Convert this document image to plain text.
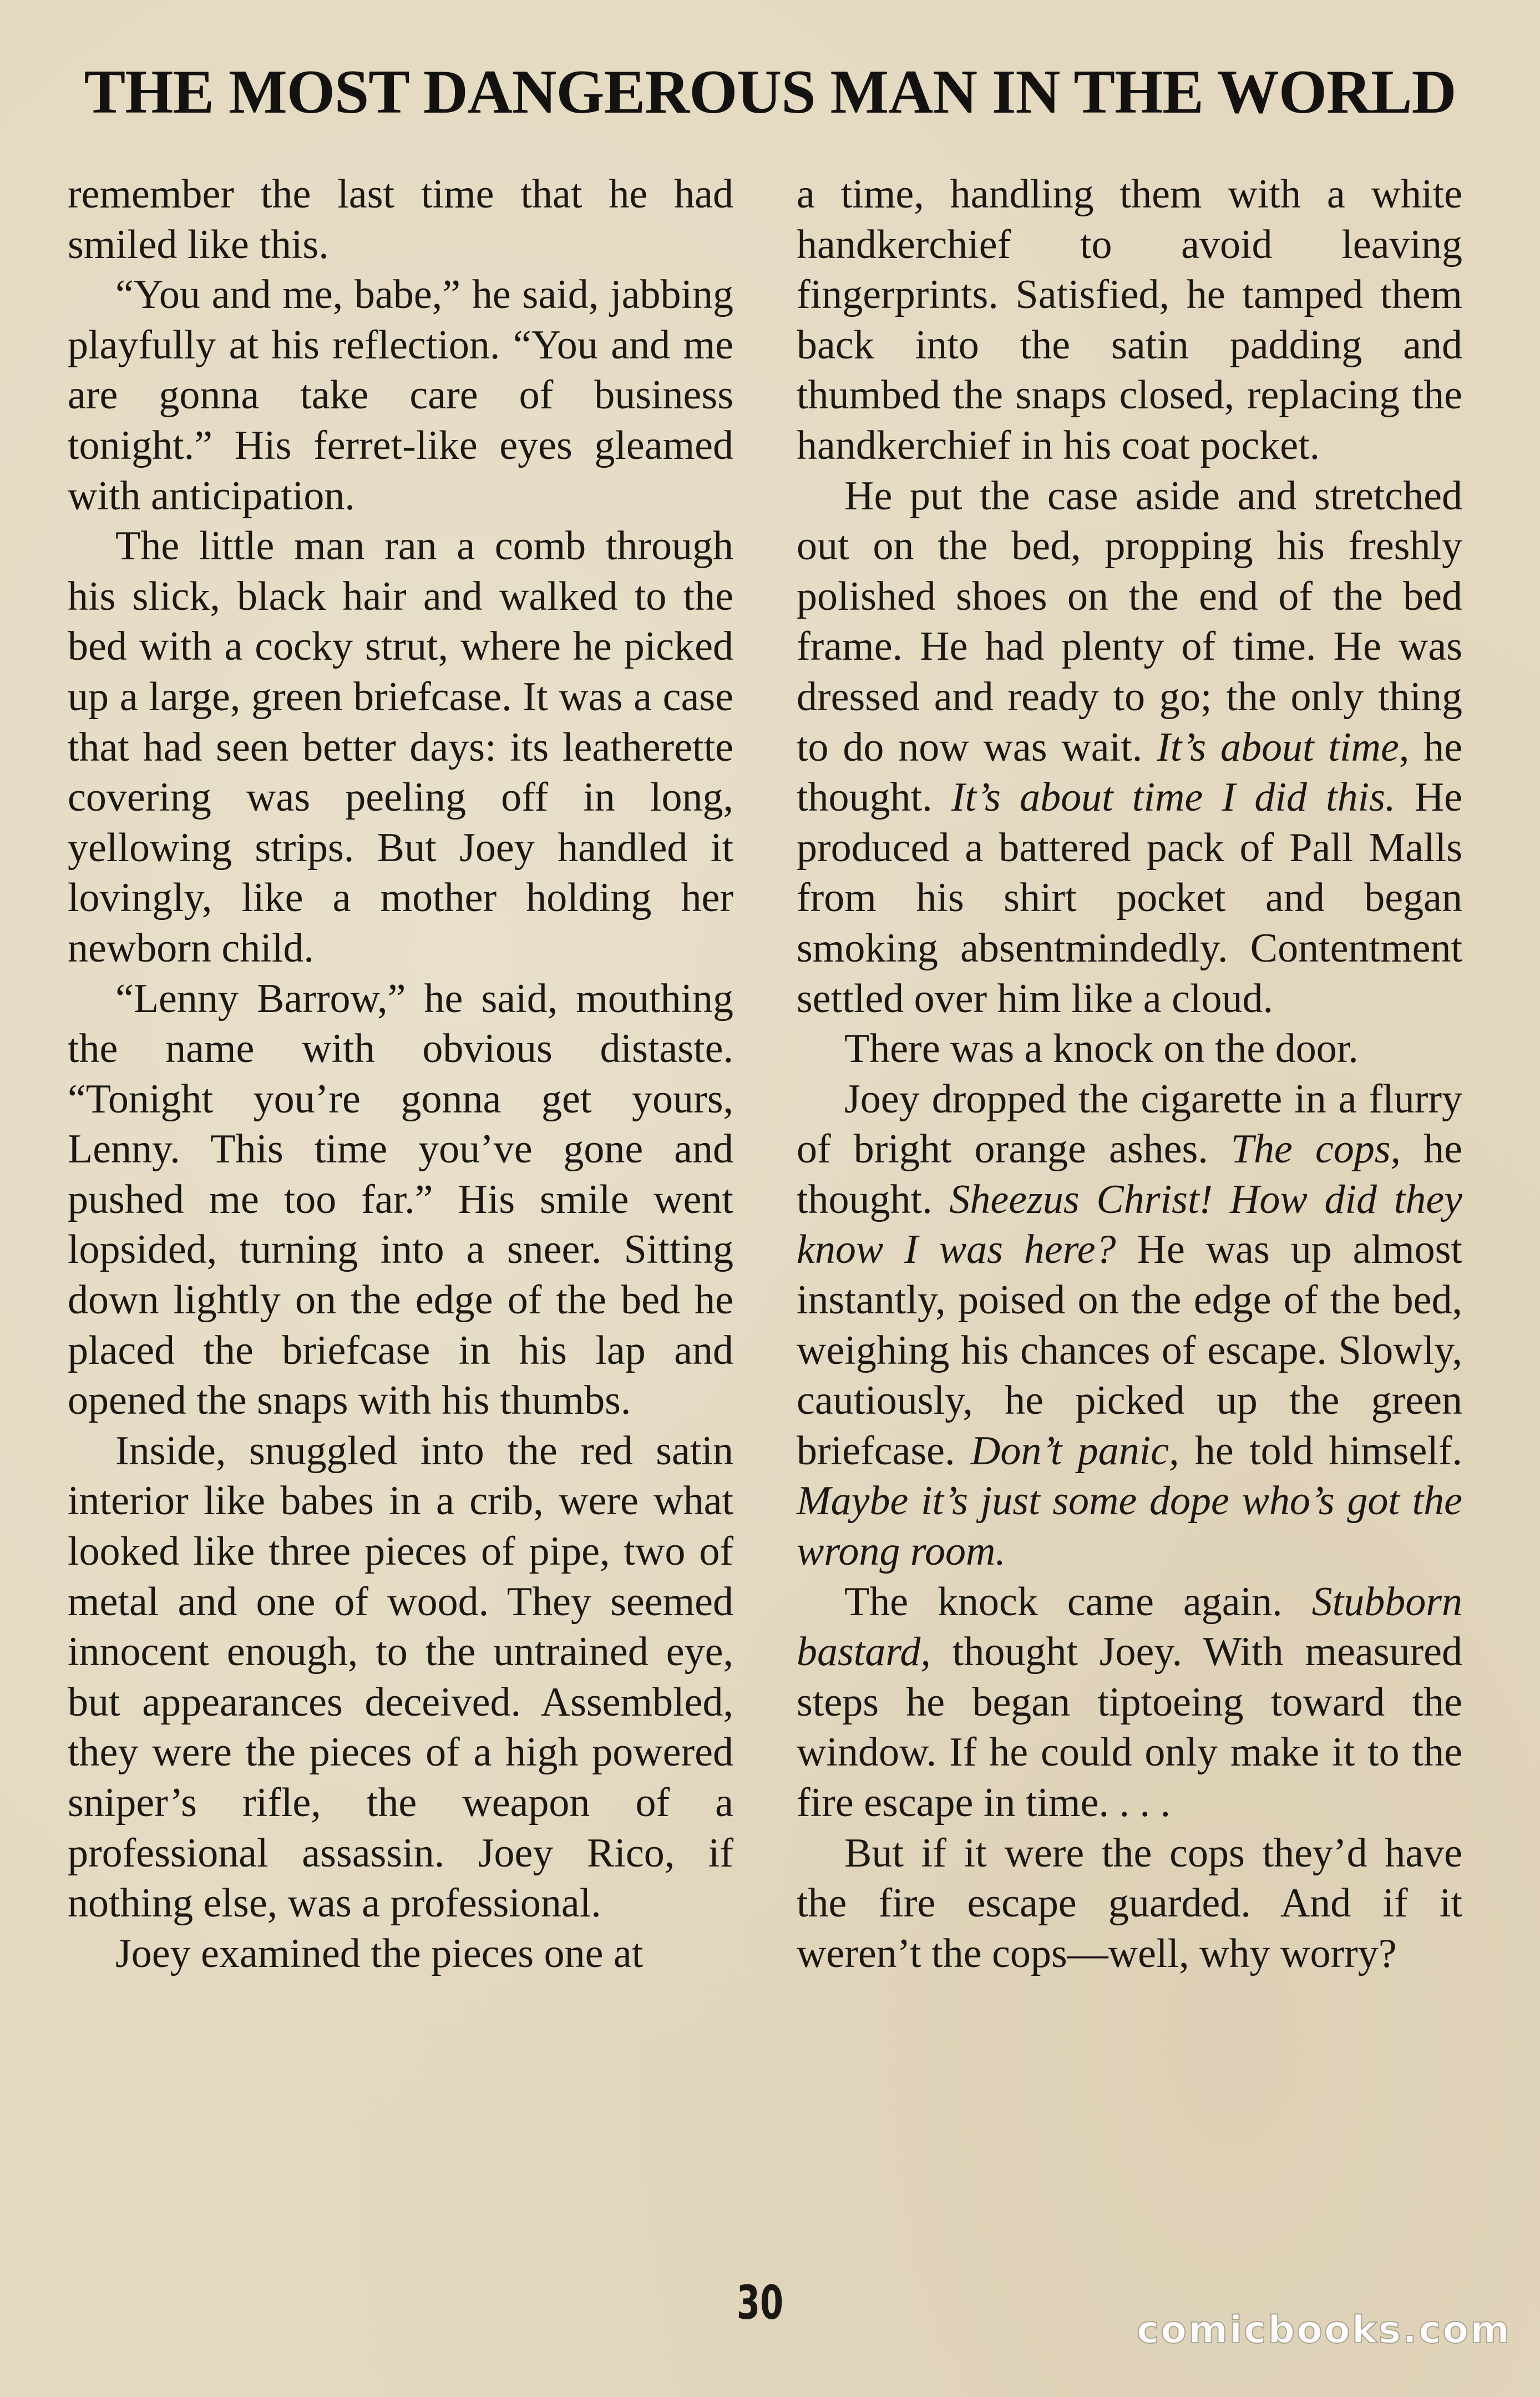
THE MOST DANGEROUS MAN IN THE WORLD

remember the last time that he had smiled like this.

“You and me, babe,” he said, jabbing playfully at his reflection. “You and me are gonna take care of business tonight.” His ferret-like eyes gleamed with anticipation.

The little man ran a comb through his slick, black hair and walked to the bed with a cocky strut, where he picked up a large, green briefcase. It was a case that had seen better days: its leatherette covering was peeling off in long, yellowing strips. But Joey handled it lovingly, like a mother holding her newborn child.

“Lenny Barrow,” he said, mouthing the name with obvious distaste. “Tonight you’re gonna get yours, Lenny. This time you’ve gone and pushed me too far.” His smile went lopsided, turning into a sneer. Sitting down lightly on the edge of the bed he placed the briefcase in his lap and opened the snaps with his thumbs.

Inside, snuggled into the red satin interior like babes in a crib, were what looked like three pieces of pipe, two of metal and one of wood. They seemed innocent enough, to the untrained eye, but appearances deceived. Assembled, they were the pieces of a high powered sniper’s rifle, the weapon of a professional assassin. Joey Rico, if nothing else, was a professional.

Joey examined the pieces one at

a time, handling them with a white handkerchief to avoid leaving fingerprints. Satisfied, he tamped them back into the satin padding and thumbed the snaps closed, replacing the handkerchief in his coat pocket.

He put the case aside and stretched out on the bed, propping his freshly polished shoes on the end of the bed frame. He had plenty of time. He was dressed and ready to go; the only thing to do now was wait. It’s about time, he thought. It’s about time I did this. He produced a battered pack of Pall Malls from his shirt pocket and began smoking absentmindedly. Contentment settled over him like a cloud.

There was a knock on the door.

Joey dropped the cigarette in a flurry of bright orange ashes. The cops, he thought. Sheezus Christ! How did they know I was here? He was up almost instantly, poised on the edge of the bed, weighing his chances of escape. Slowly, cautiously, he picked up the green briefcase. Don’t panic, he told himself. Maybe it’s just some dope who’s got the wrong room.

The knock came again. Stubborn bastard, thought Joey. With measured steps he began tiptoeing toward the window. If he could only make it to the fire escape in time. . . .

But if it were the cops they’d have the fire escape guarded. And if it weren’t the cops—well, why worry?

30
comicbooks.com
